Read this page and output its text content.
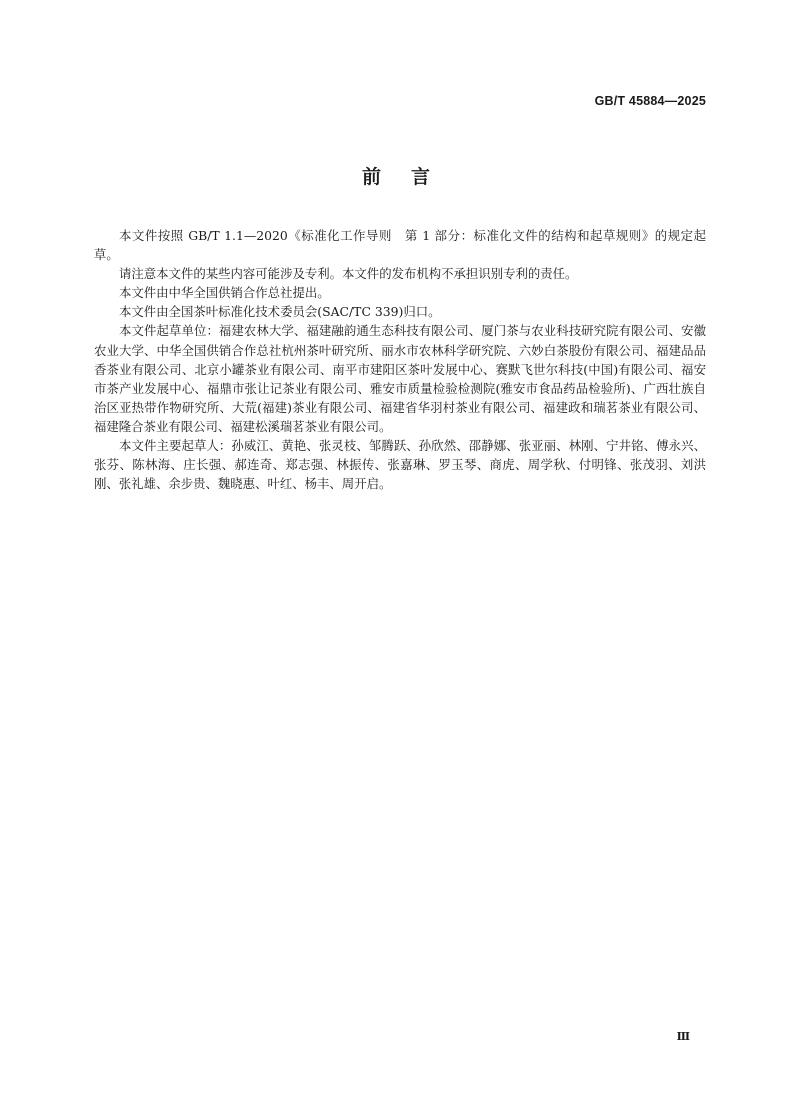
GB/T 45884—2025
前言

本文件按照 GB/T 1.1—2020《标准化工作导则　第 1 部分：标准化文件的结构和起草规则》的规定起草。

请注意本文件的某些内容可能涉及专利。本文件的发布机构不承担识别专利的责任。

本文件由中华全国供销合作总社提出。

本文件由全国茶叶标准化技术委员会(SAC/TC 339)归口。

本文件起草单位：福建农林大学、福建融韵通生态科技有限公司、厦门茶与农业科技研究院有限公司、安徽农业大学、中华全国供销合作总社杭州茶叶研究所、丽水市农林科学研究院、六妙白茶股份有限公司、福建品品香茶业有限公司、北京小罐茶业有限公司、南平市建阳区茶叶发展中心、赛默飞世尔科技(中国)有限公司、福安市茶产业发展中心、福鼎市张让记茶业有限公司、雅安市质量检验检测院(雅安市食品药品检验所)、广西壮族自治区亚热带作物研究所、大荒(福建)茶业有限公司、福建省华羽村茶业有限公司、福建政和瑞茗茶业有限公司、福建隆合茶业有限公司、福建松溪瑞茗茶业有限公司。

本文件主要起草人：孙威江、黄艳、张灵枝、邹腾跃、孙欣然、邵静娜、张亚丽、林刚、宁井铭、傅永兴、张芬、陈林海、庄长强、郝连奇、郑志强、林振传、张嘉琳、罗玉琴、商虎、周学秋、付明锋、张茂羽、刘洪刚、张礼雄、余步贵、魏晓惠、叶红、杨丰、周开启。

Ⅲ
